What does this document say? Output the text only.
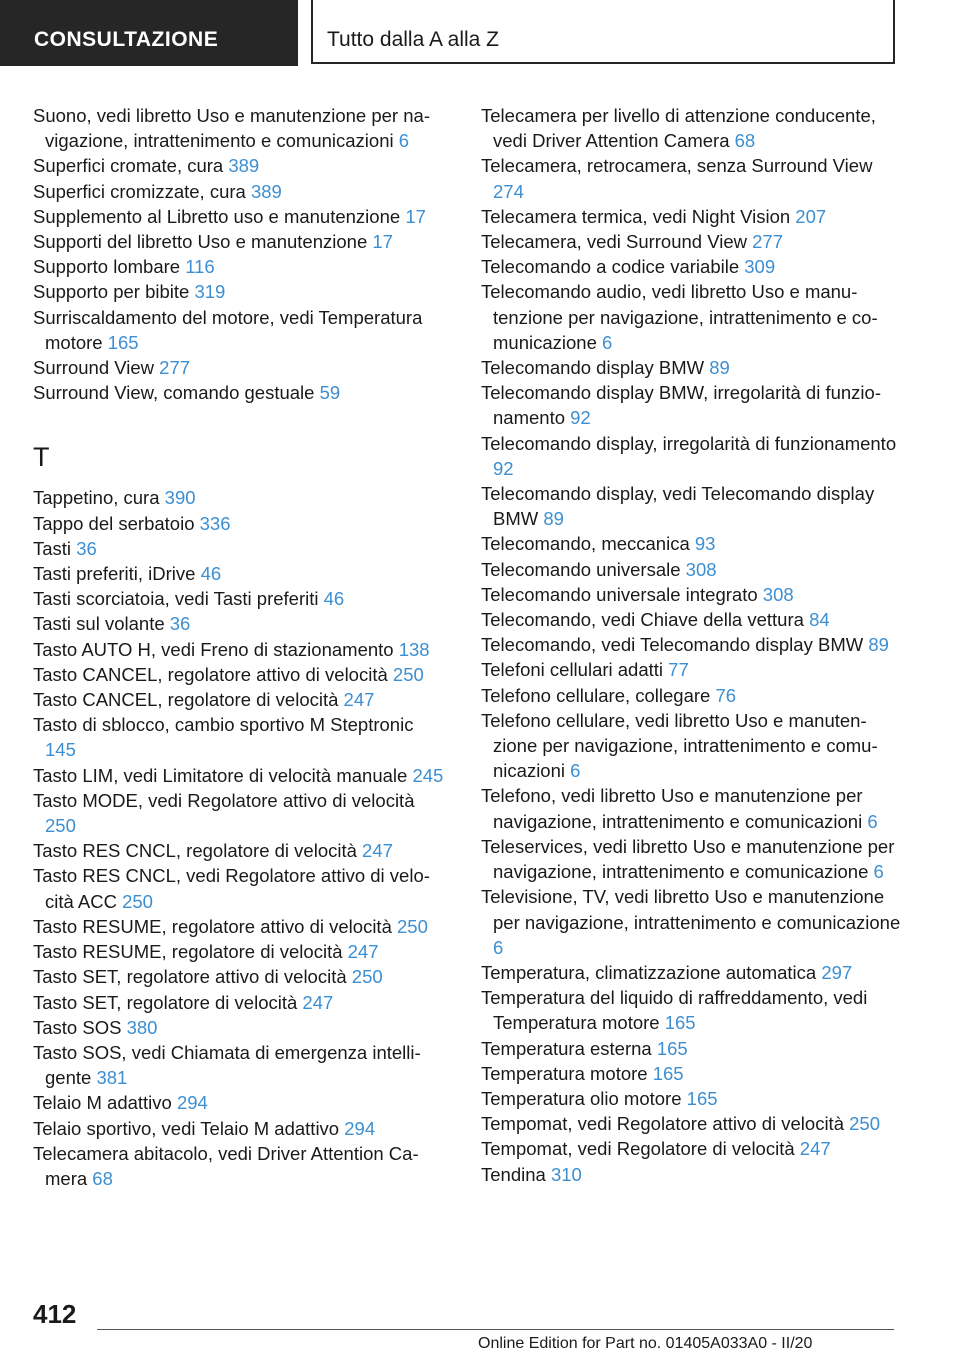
CONSULTAZIONE	Tutto dalla A alla Z
Suono, vedi libretto Uso e manutenzione per navigazione, intrattenimento e comunicazioni 6
Superfici cromate, cura 389
Superfici cromizzate, cura 389
Supplemento al Libretto uso e manutenzione 17
Supporti del libretto Uso e manutenzione 17
Supporto lombare 116
Supporto per bibite 319
Surriscaldamento del motore, vedi Temperatura motore 165
Surround View 277
Surround View, comando gestuale 59
T
Tappetino, cura 390
Tappo del serbatoio 336
Tasti 36
Tasti preferiti, iDrive 46
Tasti scorciatoia, vedi Tasti preferiti 46
Tasti sul volante 36
Tasto AUTO H, vedi Freno di stazionamento 138
Tasto CANCEL, regolatore attivo di velocità 250
Tasto CANCEL, regolatore di velocità 247
Tasto di sblocco, cambio sportivo M Steptronic 145
Tasto LIM, vedi Limitatore di velocità manuale 245
Tasto MODE, vedi Regolatore attivo di velocità 250
Tasto RES CNCL, regolatore di velocità 247
Tasto RES CNCL, vedi Regolatore attivo di velocità ACC 250
Tasto RESUME, regolatore attivo di velocità 250
Tasto RESUME, regolatore di velocità 247
Tasto SET, regolatore attivo di velocità 250
Tasto SET, regolatore di velocità 247
Tasto SOS 380
Tasto SOS, vedi Chiamata di emergenza intelligente 381
Telaio M adattivo 294
Telaio sportivo, vedi Telaio M adattivo 294
Telecamera abitacolo, vedi Driver Attention Camera 68
Telecamera per livello di attenzione conducente, vedi Driver Attention Camera 68
Telecamera, retrocamera, senza Surround View 274
Telecamera termica, vedi Night Vision 207
Telecamera, vedi Surround View 277
Telecomando a codice variabile 309
Telecomando audio, vedi libretto Uso e manutenzione per navigazione, intrattenimento e comunicazione 6
Telecomando display BMW 89
Telecomando display BMW, irregolarità di funzionamento 92
Telecomando display, irregolarità di funzionamento 92
Telecomando display, vedi Telecomando display BMW 89
Telecomando, meccanica 93
Telecomando universale 308
Telecomando universale integrato 308
Telecomando, vedi Chiave della vettura 84
Telecomando, vedi Telecomando display BMW 89
Telefoni cellulari adatti 77
Telefono cellulare, collegare 76
Telefono cellulare, vedi libretto Uso e manutenzione per navigazione, intrattenimento e comunicazioni 6
Telefono, vedi libretto Uso e manutenzione per navigazione, intrattenimento e comunicazioni 6
Teleservices, vedi libretto Uso e manutenzione per navigazione, intrattenimento e comunicazione 6
Televisione, TV, vedi libretto Uso e manutenzione per navigazione, intrattenimento e comunicazione 6
Temperatura, climatizzazione automatica 297
Temperatura del liquido di raffreddamento, vedi Temperatura motore 165
Temperatura esterna 165
Temperatura motore 165
Temperatura olio motore 165
Tempomat, vedi Regolatore attivo di velocità 250
Tempomat, vedi Regolatore di velocità 247
Tendina 310
412
Online Edition for Part no. 01405A033A0 - II/20
